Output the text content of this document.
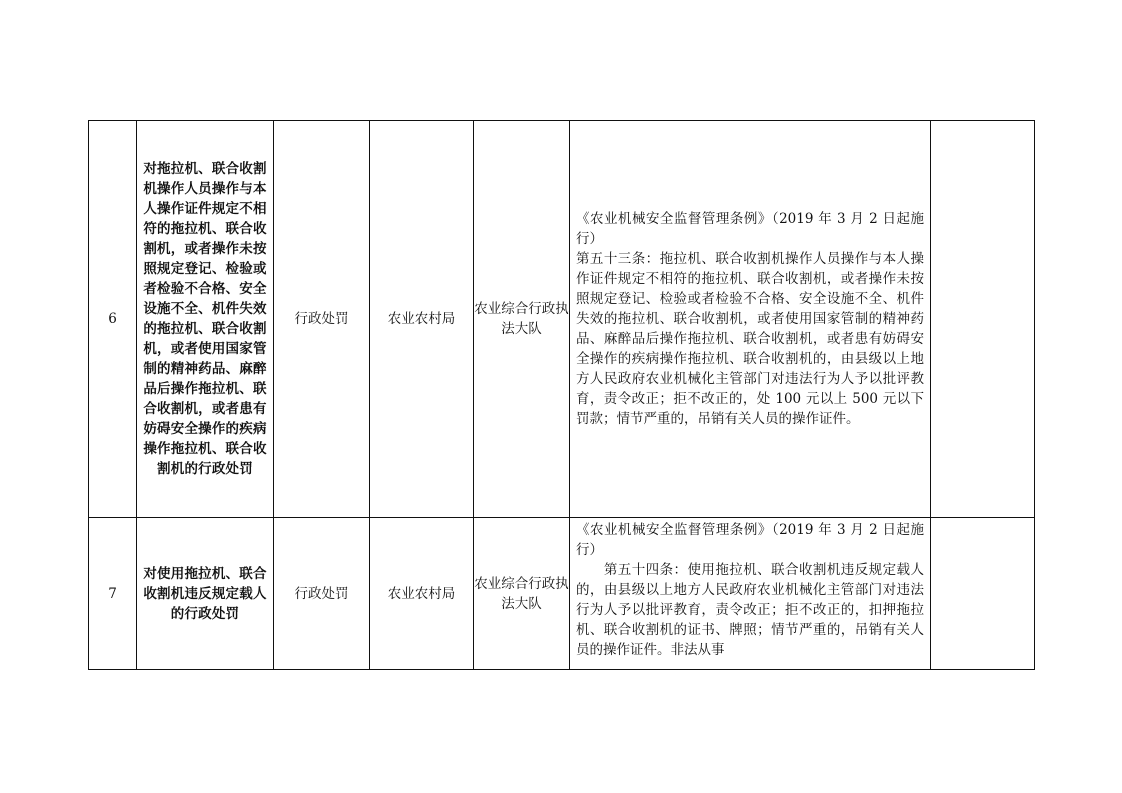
6	对拖拉机、联合收割机操作人员操作与本人操作证件规定不相符的拖拉机、联合收割机，或者操作未按照规定登记、检验或者检验不合格、安全设施不全、机件失效的拖拉机、联合收割机，或者使用国家管制的精神药品、麻醉品后操作拖拉机、联合收割机，或者患有妨碍安全操作的疾病操作拖拉机、联合收割机的行政处罚	行政处罚	农业农村局	农业综合行政执法大队	《农业机械安全监督管理条例》（2019 年 3 月 2 日起施行）
第五十三条：拖拉机、联合收割机操作人员操作与本人操作证件规定不相符的拖拉机、联合收割机，或者操作未按照规定登记、检验或者检验不合格、安全设施不全、机件失效的拖拉机、联合收割机，或者使用国家管制的精神药品、麻醉品后操作拖拉机、联合收割机，或者患有妨碍安全操作的疾病操作拖拉机、联合收割机的，由县级以上地方人民政府农业机械化主管部门对违法行为人予以批评教育，责令改正；拒不改正的，处 100 元以上 500 元以下罚款；情节严重的，吊销有关人员的操作证件。	

7	对使用拖拉机、联合收割机违反规定载人的行政处罚	行政处罚	农业农村局	农业综合行政执法大队	《农业机械安全监督管理条例》（2019 年 3 月 2 日起施行）
　　第五十四条：使用拖拉机、联合收割机违反规定载人的，由县级以上地方人民政府农业机械化主管部门对违法行为人予以批评教育，责令改正；拒不改正的，扣押拖拉机、联合收割机的证书、牌照；情节严重的，吊销有关人员的操作证件。非法从事	
